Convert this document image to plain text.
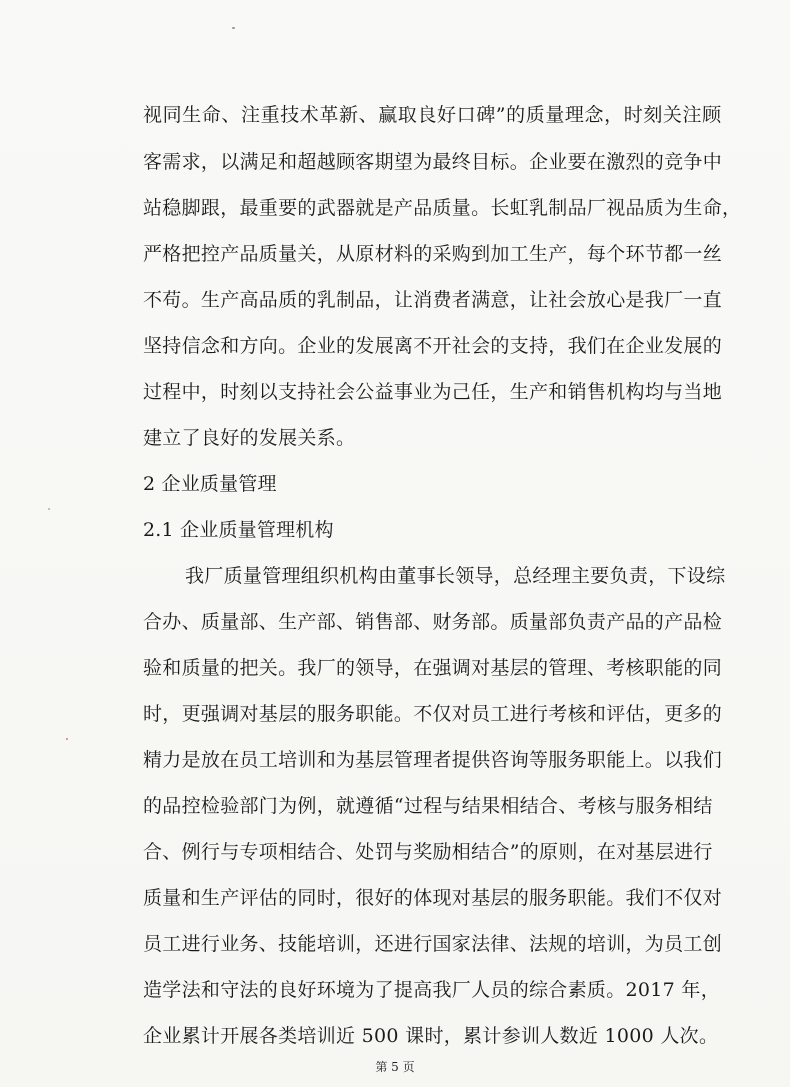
视同生命、注重技术革新、赢取良好口碑”的质量理念，时刻关注顾
客需求，以满足和超越顾客期望为最终目标。企业要在激烈的竞争中
站稳脚跟，最重要的武器就是产品质量。长虹乳制品厂视品质为生命，
严格把控产品质量关，从原材料的采购到加工生产，每个环节都一丝
不苟。生产高品质的乳制品，让消费者满意，让社会放心是我厂一直
坚持信念和方向。企业的发展离不开社会的支持，我们在企业发展的
过程中，时刻以支持社会公益事业为己任，生产和销售机构均与当地
建立了良好的发展关系。
2 企业质量管理
2.1 企业质量管理机构
我厂质量管理组织机构由董事长领导，总经理主要负责，下设综
合办、质量部、生产部、销售部、财务部。质量部负责产品的产品检
验和质量的把关。我厂的领导，在强调对基层的管理、考核职能的同
时，更强调对基层的服务职能。不仅对员工进行考核和评估，更多的
精力是放在员工培训和为基层管理者提供咨询等服务职能上。以我们
的品控检验部门为例，就遵循“过程与结果相结合、考核与服务相结
合、例行与专项相结合、处罚与奖励相结合”的原则，在对基层进行
质量和生产评估的同时，很好的体现对基层的服务职能。我们不仅对
员工进行业务、技能培训，还进行国家法律、法规的培训，为员工创
造学法和守法的良好环境为了提高我厂人员的综合素质。2017 年，
企业累计开展各类培训近 500 课时，累计参训人数近 1000 人次。
第 5 页
